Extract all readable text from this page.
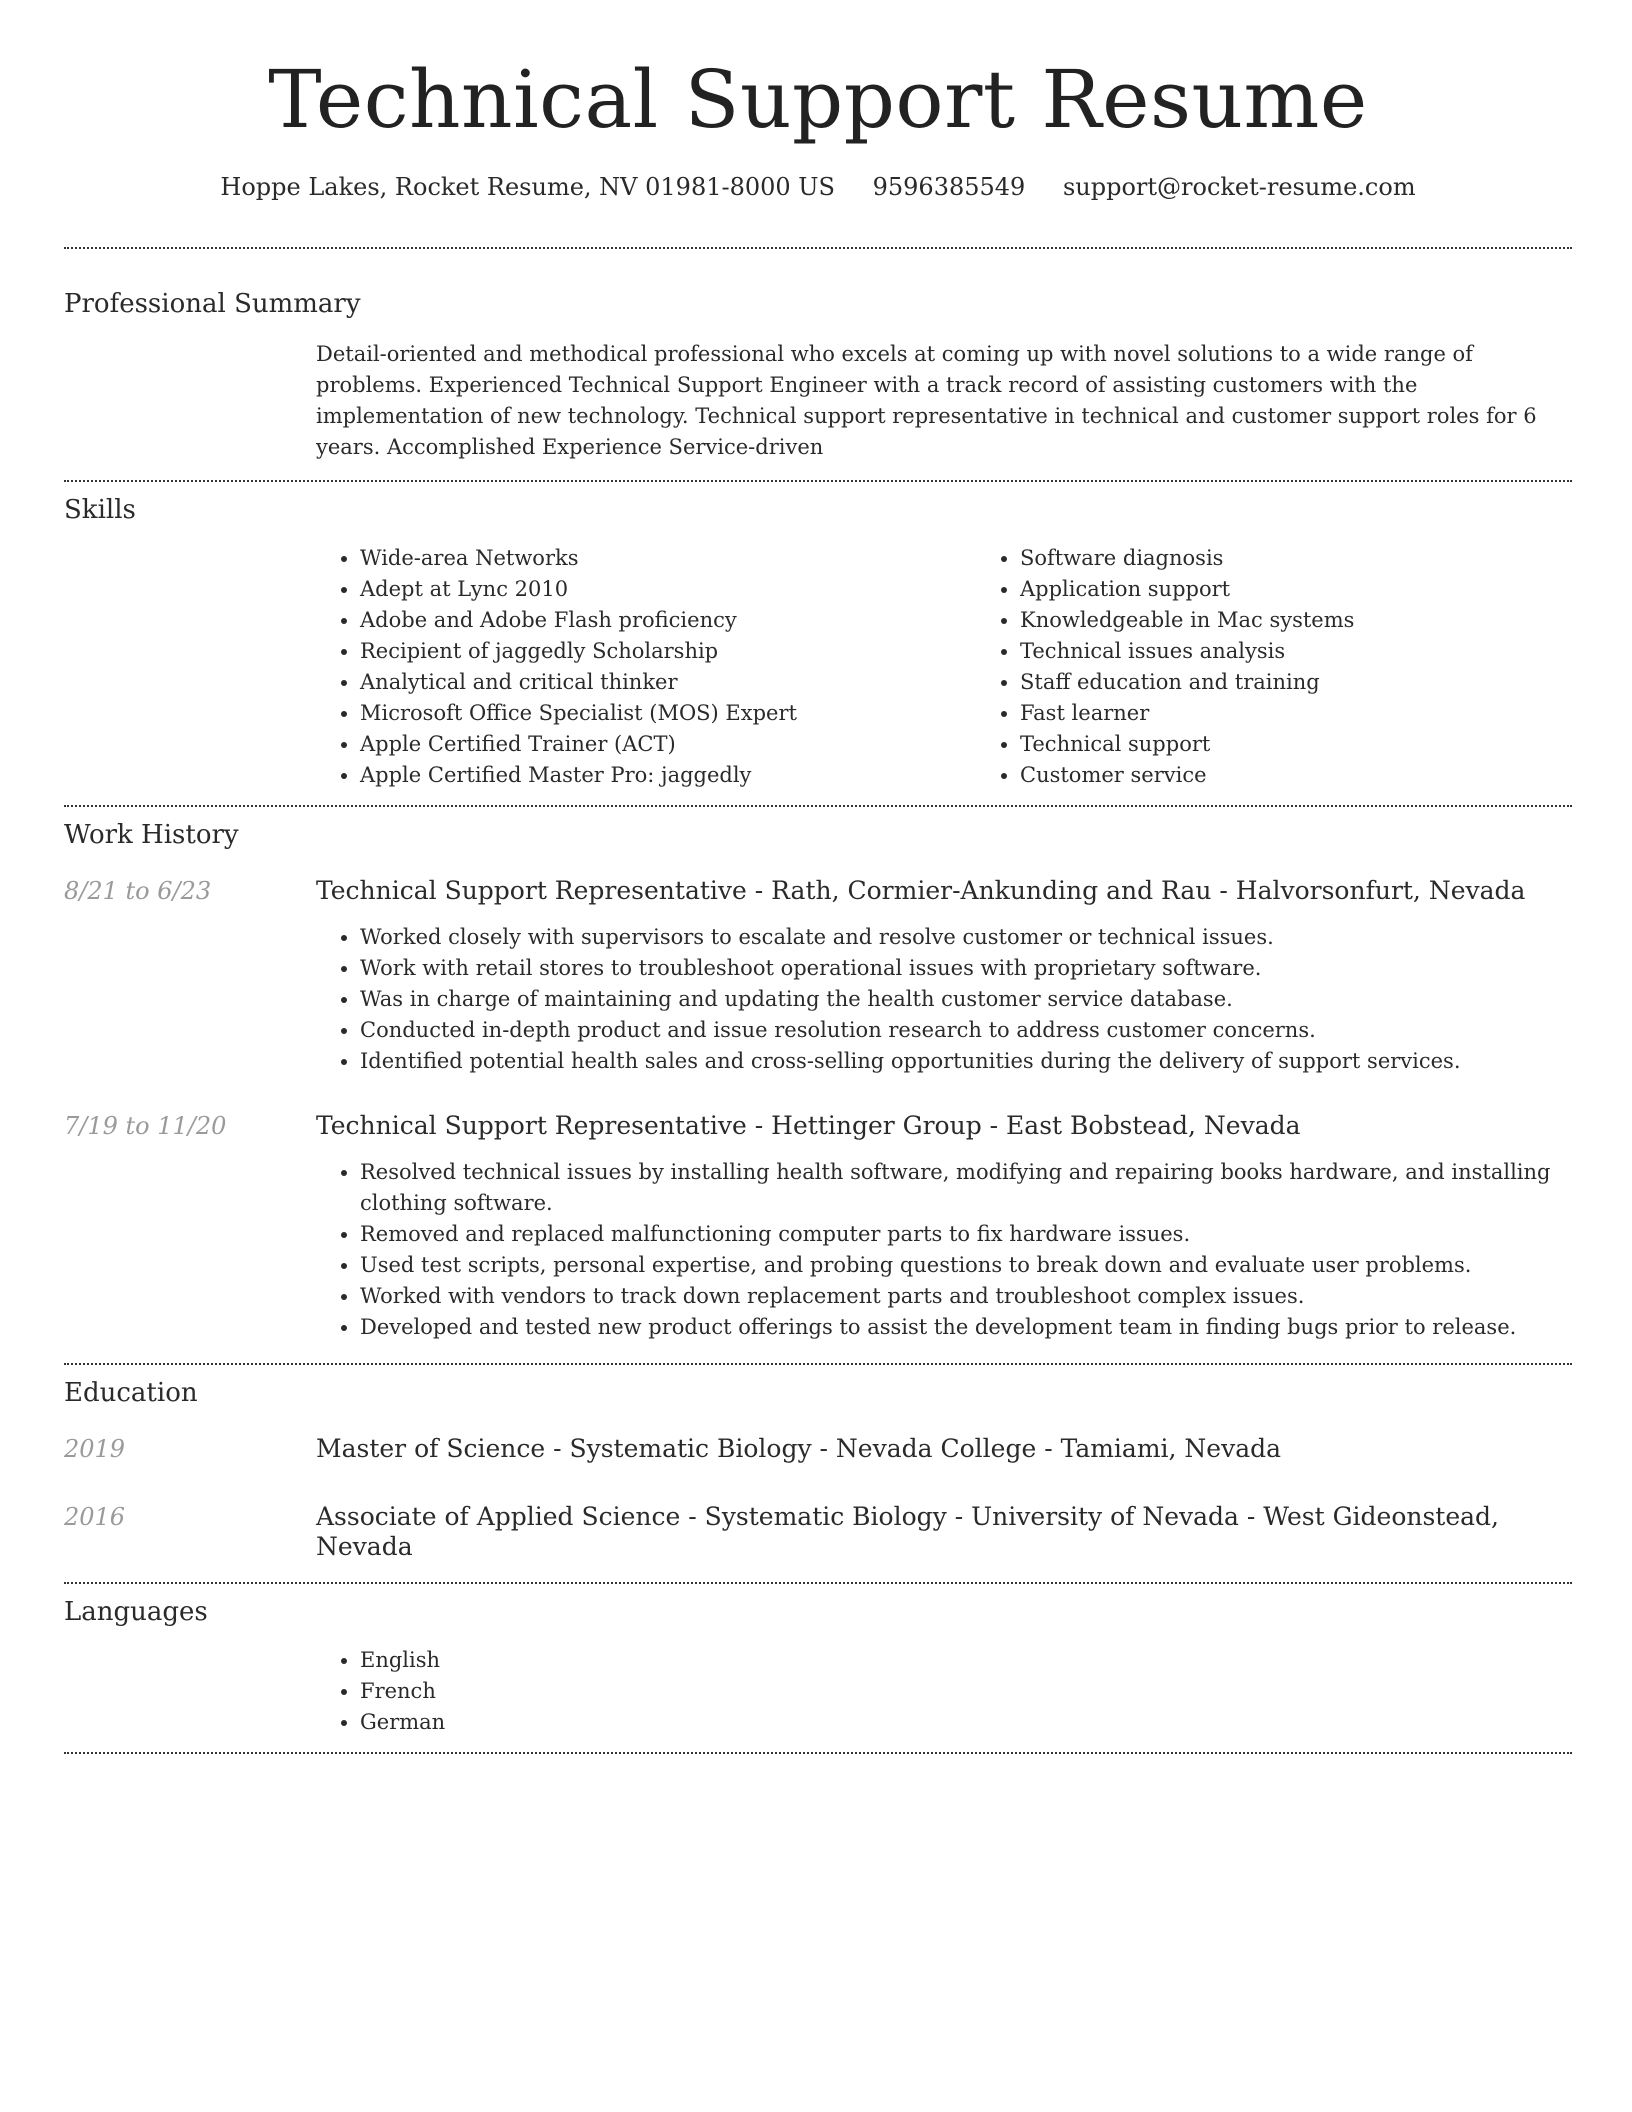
Technical Support Resume
Hoppe Lakes, Rocket Resume, NV 01981-8000 US 9596385549 support@rocket-resume.com
Professional Summary

Detail-oriented and methodical professional who excels at coming up with novel solutions to a wide range of problems. Experienced Technical Support Engineer with a track record of assisting customers with the implementation of new technology. Technical support representative in technical and customer support roles for 6 years. Accomplished Experience Service-driven

Skills
• Wide-area Networks
• Adept at Lync 2010
• Adobe and Adobe Flash proficiency
• Recipient of jaggedly Scholarship
• Analytical and critical thinker
• Microsoft Office Specialist (MOS) Expert
• Apple Certified Trainer (ACT)
• Apple Certified Master Pro: jaggedly
• Software diagnosis
• Application support
• Knowledgeable in Mac systems
• Technical issues analysis
• Staff education and training
• Fast learner
• Technical support
• Customer service
Work History
8/21 to 6/23	Technical Support Representative - Rath, Cormier-Ankunding and Rau - Halvorsonfurt, Nevada
• Worked closely with supervisors to escalate and resolve customer or technical issues.
• Work with retail stores to troubleshoot operational issues with proprietary software.
• Was in charge of maintaining and updating the health customer service database.
• Conducted in-depth product and issue resolution research to address customer concerns.
• Identified potential health sales and cross-selling opportunities during the delivery of support services.
7/19 to 11/20	Technical Support Representative - Hettinger Group - East Bobstead, Nevada
• Resolved technical issues by installing health software, modifying and repairing books hardware, and installing clothing software.
• Removed and replaced malfunctioning computer parts to fix hardware issues.
• Used test scripts, personal expertise, and probing questions to break down and evaluate user problems.
• Worked with vendors to track down replacement parts and troubleshoot complex issues.
• Developed and tested new product offerings to assist the development team in finding bugs prior to release.
Education
2019	Master of Science - Systematic Biology - Nevada College - Tamiami, Nevada
2016	Associate of Applied Science - Systematic Biology - University of Nevada - West Gideonstead, Nevada
Languages
• English
• French
• German
